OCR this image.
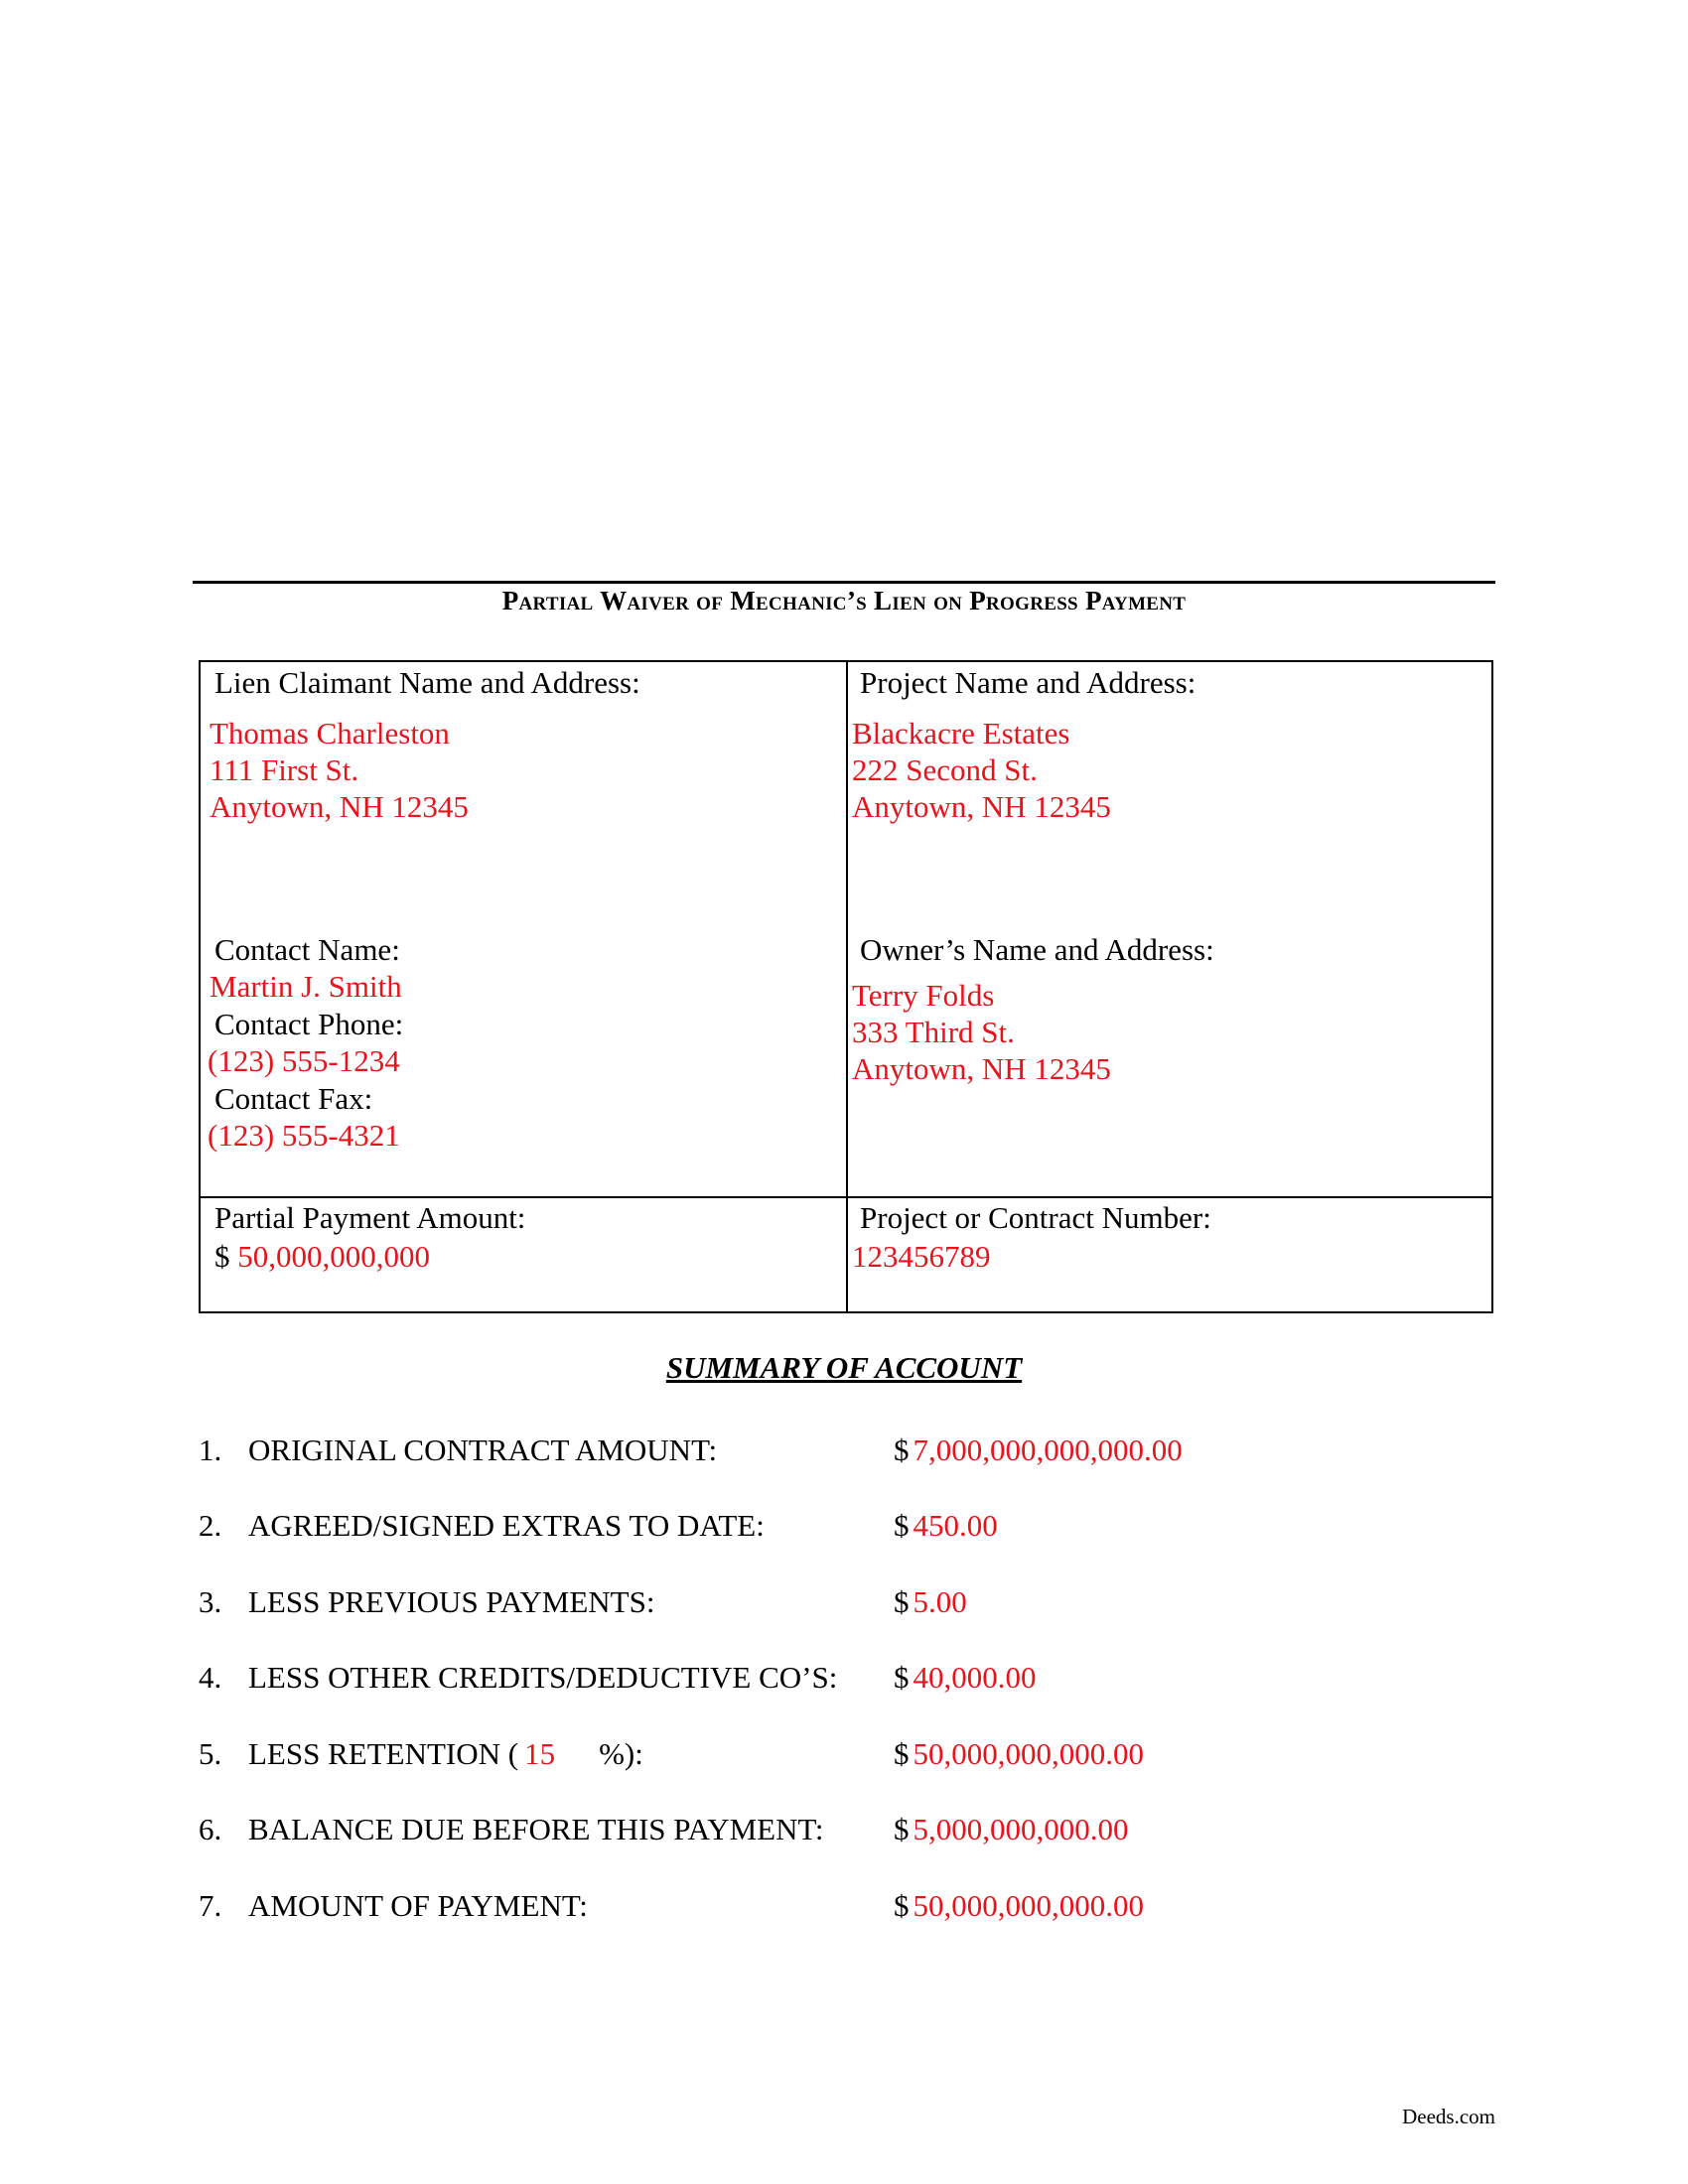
Partial Waiver of Mechanic’s Lien on Progress Payment
Lien Claimant Name and Address:
Thomas Charleston
111 First St.
Anytown, NH 12345
Contact Name:
Martin J. Smith
Contact Phone:
(123) 555-1234
Contact Fax:
(123) 555-4321
Project Name and Address:
Blackacre Estates
222 Second St.
Anytown, NH 12345
Owner’s Name and Address:
Terry Folds
333 Third St.
Anytown, NH 12345
Partial Payment Amount:
$ 50,000,000,000
Project or Contract Number:
123456789
SUMMARY OF ACCOUNT
1. ORIGINAL CONTRACT AMOUNT:	$ 7,000,000,000,000.00
2. AGREED/SIGNED EXTRAS TO DATE:	$ 450.00
3. LESS PREVIOUS PAYMENTS:	$ 5.00
4. LESS OTHER CREDITS/DEDUCTIVE CO’S: $ 40,000.00
5. LESS RETENTION ( 15 %):	$ 50,000,000,000.00
6. BALANCE DUE BEFORE THIS PAYMENT: $ 5,000,000,000.00
7. AMOUNT OF PAYMENT:	$ 50,000,000,000.00
Deeds.com
